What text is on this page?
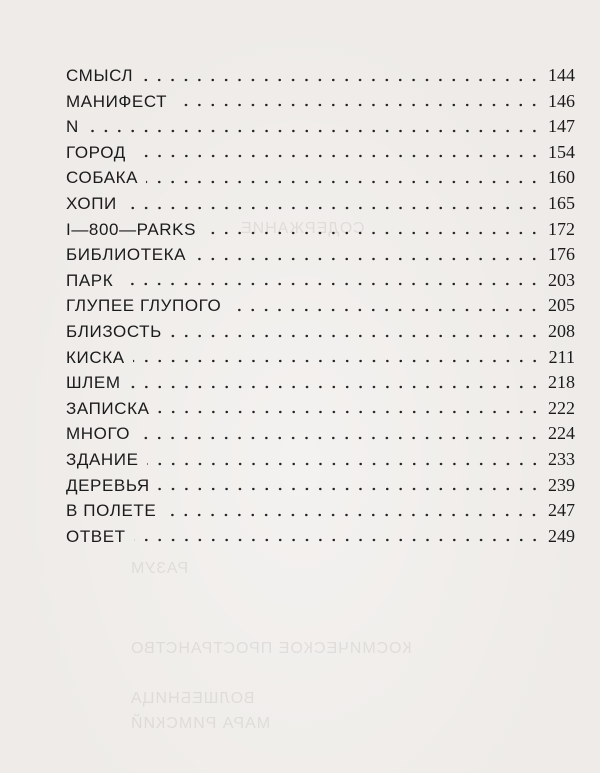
СОДЕРЖАНИЕ
РАЗУМ
КОСМИЧЕСКОЕ ПРОСТРАНСТВО
ВОЛШЕБНИЦА
МАРА РИМСКИЙ
СМЫСЛ	144
МАНИФЕСТ	146
N	147
ГОРОД	154
СОБАКА	160
ХОПИ	165
I—800—PARKS	172
БИБЛИОТЕКА	176
ПАРК	203
ГЛУПЕЕ ГЛУПОГО	205
БЛИЗОСТЬ	208
КИСКА	211
ШЛЕМ	218
ЗАПИСКА	222
МНОГО	224
ЗДАНИЕ	233
ДЕРЕВЬЯ	239
В ПОЛЕТЕ	247
ОТВЕТ	249
